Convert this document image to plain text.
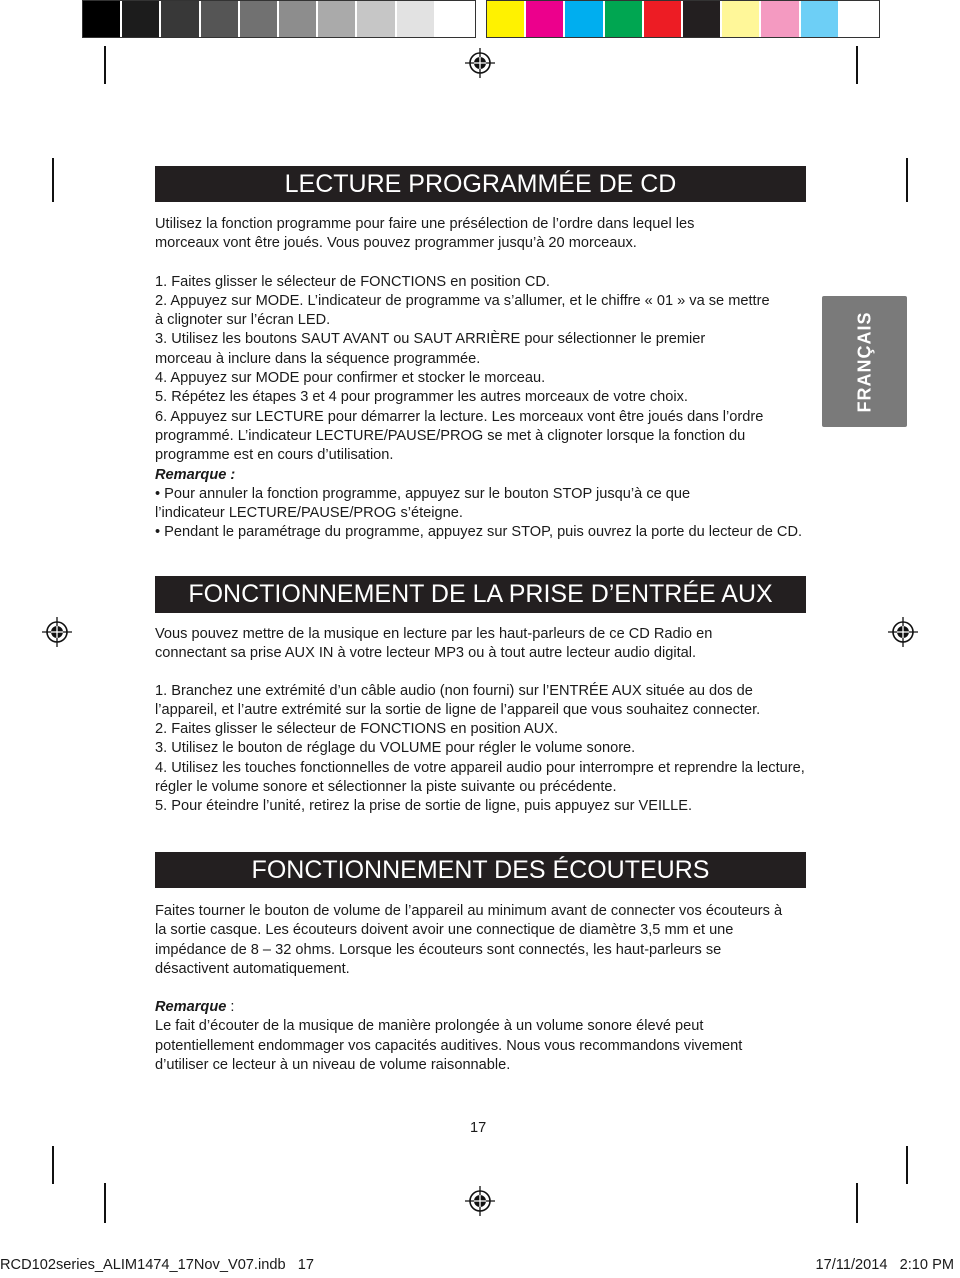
FRANÇAIS
LECTURE PROGRAMMÉE DE CD

Utilisez la fonction programme pour faire une présélection de l’ordre dans lequel les morceaux vont être joués. Vous pouvez programmer jusqu’à 20 morceaux.

1. Faites glisser le sélecteur de FONCTIONS en position CD.

2. Appuyez sur MODE. L’indicateur de programme va s’allumer, et le chiffre « 01 » va se mettre à clignoter sur l’écran LED.

3. Utilisez les boutons SAUT AVANT ou SAUT ARRIÈRE pour sélectionner le premier morceau à inclure dans la séquence programmée.

4. Appuyez sur MODE pour confirmer et stocker le morceau.

5. Répétez les étapes 3 et 4 pour programmer les autres morceaux de votre choix.

6. Appuyez sur LECTURE pour démarrer la lecture. Les morceaux vont être joués dans l’ordre programmé. L’indicateur LECTURE/PAUSE/PROG se met à clignoter lorsque la fonction du programme est en cours d’utilisation.

Remarque :

• Pour annuler la fonction programme, appuyez sur le bouton STOP jusqu’à ce que l’indicateur LECTURE/PAUSE/PROG s’éteigne.

• Pendant le paramétrage du programme, appuyez sur STOP, puis ouvrez la porte du lecteur de CD.

FONCTIONNEMENT DE LA PRISE D’ENTRÉE AUX

Vous pouvez mettre de la musique en lecture par les haut-parleurs de ce CD Radio en connectant sa prise AUX IN à votre lecteur MP3 ou à tout autre lecteur audio digital.

1. Branchez une extrémité d’un câble audio (non fourni) sur l’ENTRÉE AUX située au dos de l’appareil, et l’autre extrémité sur la sortie de ligne de l’appareil que vous souhaitez connecter.

2. Faites glisser le sélecteur de FONCTIONS en position AUX.

3. Utilisez le bouton de réglage du VOLUME pour régler le volume sonore.

4. Utilisez les touches fonctionnelles de votre appareil audio pour interrompre et reprendre la lecture, régler le volume sonore et sélectionner la piste suivante ou précédente.

5. Pour éteindre l’unité, retirez la prise de sortie de ligne, puis appuyez sur VEILLE.

FONCTIONNEMENT DES ÉCOUTEURS

Faites tourner le bouton de volume de l’appareil au minimum avant de connecter vos écouteurs à la sortie casque. Les écouteurs doivent avoir une connectique de diamètre 3,5 mm et une impédance de 8 – 32 ohms. Lorsque les écouteurs sont connectés, les haut-parleurs se désactivent automatiquement.

Remarque :

Le fait d’écouter de la musique de manière prolongée à un volume sonore élevé peut potentiellement endommager vos capacités auditives. Nous vous recommandons vivement d’utiliser ce lecteur à un niveau de volume raisonnable.

17
RCD102series_ALIM1474_17Nov_V07.indb   17	17/11/2014   2:10 PM
